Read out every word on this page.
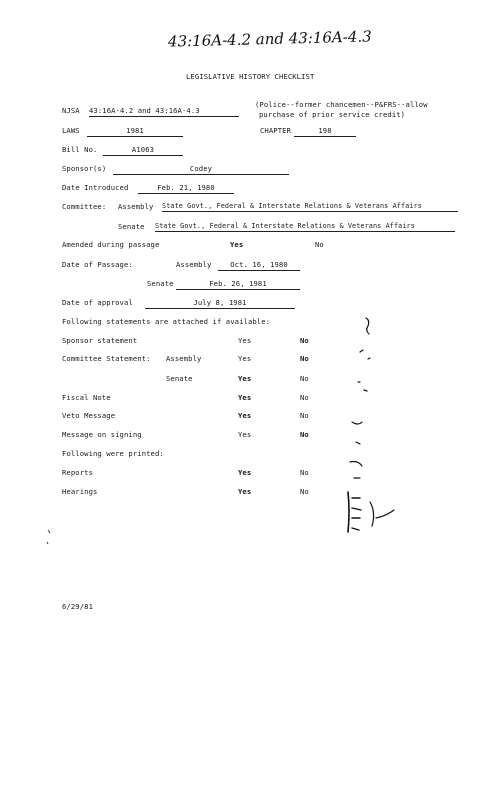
43:16A-4.2 and 43:16A-4.3
LEGISLATIVE HISTORY CHECKLIST
NJSA 43:16A-4.2 and 43:16A-4.3
(Police--former chancemen--P&FRS--allow
purchase of prior service credit)
LAWS	1981	CHAPTER	198
Bill No.	A1063
Sponsor(s)	Codey
Date Introduced	Feb. 21, 1980
Committee: Assembly State Govt., Federal & Interstate Relations & Veterans Affairs
Senate State Govt., Federal & Interstate Relations & Veterans Affairs
Amended during passage	Yes	No
Date of Passage:	Assembly	Oct. 16, 1980
Senate	Feb. 26, 1981
Date of approval	July 8, 1981
Following statements are attached if available:
Sponsor statement	Yes	No
Committee Statement: Assembly	Yes	No
Senate	Yes	No
Fiscal Note	Yes	No
Veto Message	Yes	No
Message on signing	Yes	No
Following were printed:
Reports	Yes	No
Hearings	Yes	No
6/29/81
